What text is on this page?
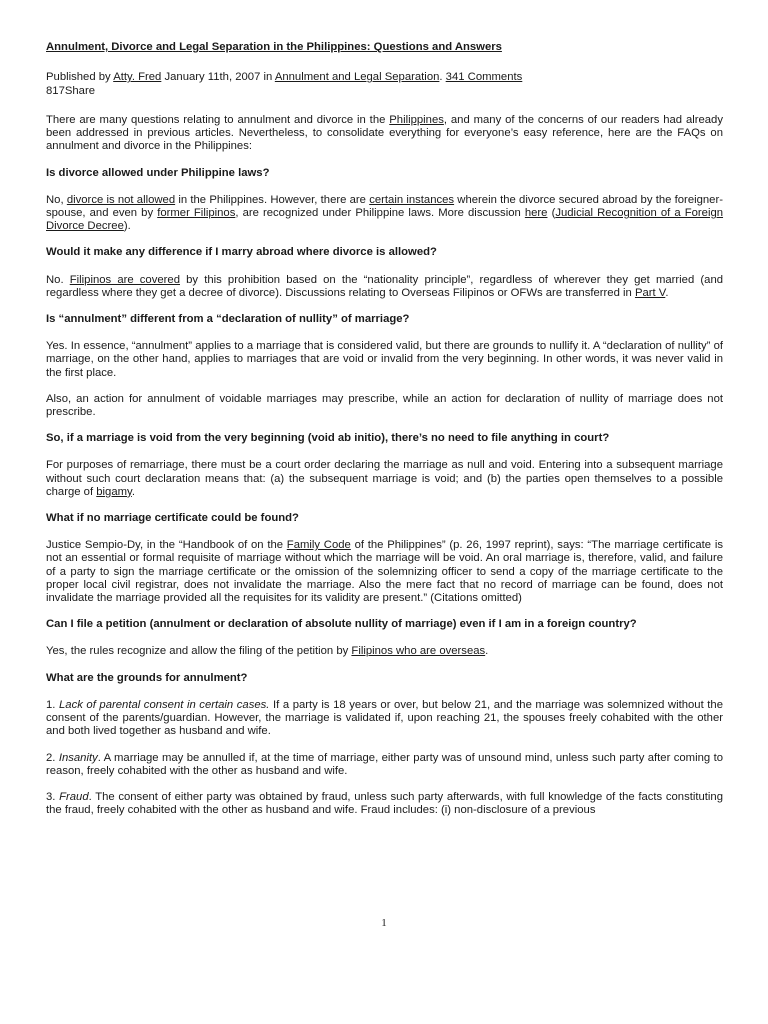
Annulment, Divorce and Legal Separation in the Philippines: Questions and Answers
Published by Atty. Fred January 11th, 2007 in Annulment and Legal Separation. 341 Comments
817Share

There are many questions relating to annulment and divorce in the Philippines, and many of the concerns of our readers had already been addressed in previous articles. Nevertheless, to consolidate everything for everyone’s easy reference, here are the FAQs on annulment and divorce in the Philippines:

Is divorce allowed under Philippine laws?

No, divorce is not allowed in the Philippines. However, there are certain instances wherein the divorce secured abroad by the foreigner-spouse, and even by former Filipinos, are recognized under Philippine laws. More discussion here (Judicial Recognition of a Foreign Divorce Decree).

Would it make any difference if I marry abroad where divorce is allowed?

No. Filipinos are covered by this prohibition based on the “nationality principle”, regardless of wherever they get married (and regardless where they get a decree of divorce). Discussions relating to Overseas Filipinos or OFWs are transferred in Part V.

Is “annulment” different from a “declaration of nullity” of marriage?

Yes. In essence, “annulment” applies to a marriage that is considered valid, but there are grounds to nullify it. A “declaration of nullity” of marriage, on the other hand, applies to marriages that are void or invalid from the very beginning. In other words, it was never valid in the first place.

Also, an action for annulment of voidable marriages may prescribe, while an action for declaration of nullity of marriage does not prescribe.

So, if a marriage is void from the very beginning (void ab initio), there’s no need to file anything in court?

For purposes of remarriage, there must be a court order declaring the marriage as null and void. Entering into a subsequent marriage without such court declaration means that: (a) the subsequent marriage is void; and (b) the parties open themselves to a possible charge of bigamy.

What if no marriage certificate could be found?

Justice Sempio-Dy, in the “Handbook of on the Family Code of the Philippines” (p. 26, 1997 reprint), says: “The marriage certificate is not an essential or formal requisite of marriage without which the marriage will be void. An oral marriage is, therefore, valid, and failure of a party to sign the marriage certificate or the omission of the solemnizing officer to send a copy of the marriage certificate to the proper local civil registrar, does not invalidate the marriage. Also the mere fact that no record of marriage can be found, does not invalidate the marriage provided all the requisites for its validity are present.” (Citations omitted)

Can I file a petition (annulment or declaration of absolute nullity of marriage) even if I am in a foreign country?

Yes, the rules recognize and allow the filing of the petition by Filipinos who are overseas.

What are the grounds for annulment?

1. Lack of parental consent in certain cases. If a party is 18 years or over, but below 21, and the marriage was solemnized without the consent of the parents/guardian. However, the marriage is validated if, upon reaching 21, the spouses freely cohabited with the other and both lived together as husband and wife.

2. Insanity. A marriage may be annulled if, at the time of marriage, either party was of unsound mind, unless such party after coming to reason, freely cohabited with the other as husband and wife.

3. Fraud. The consent of either party was obtained by fraud, unless such party afterwards, with full knowledge of the facts constituting the fraud, freely cohabited with the other as husband and wife. Fraud includes: (i) non-disclosure of a previous

1
